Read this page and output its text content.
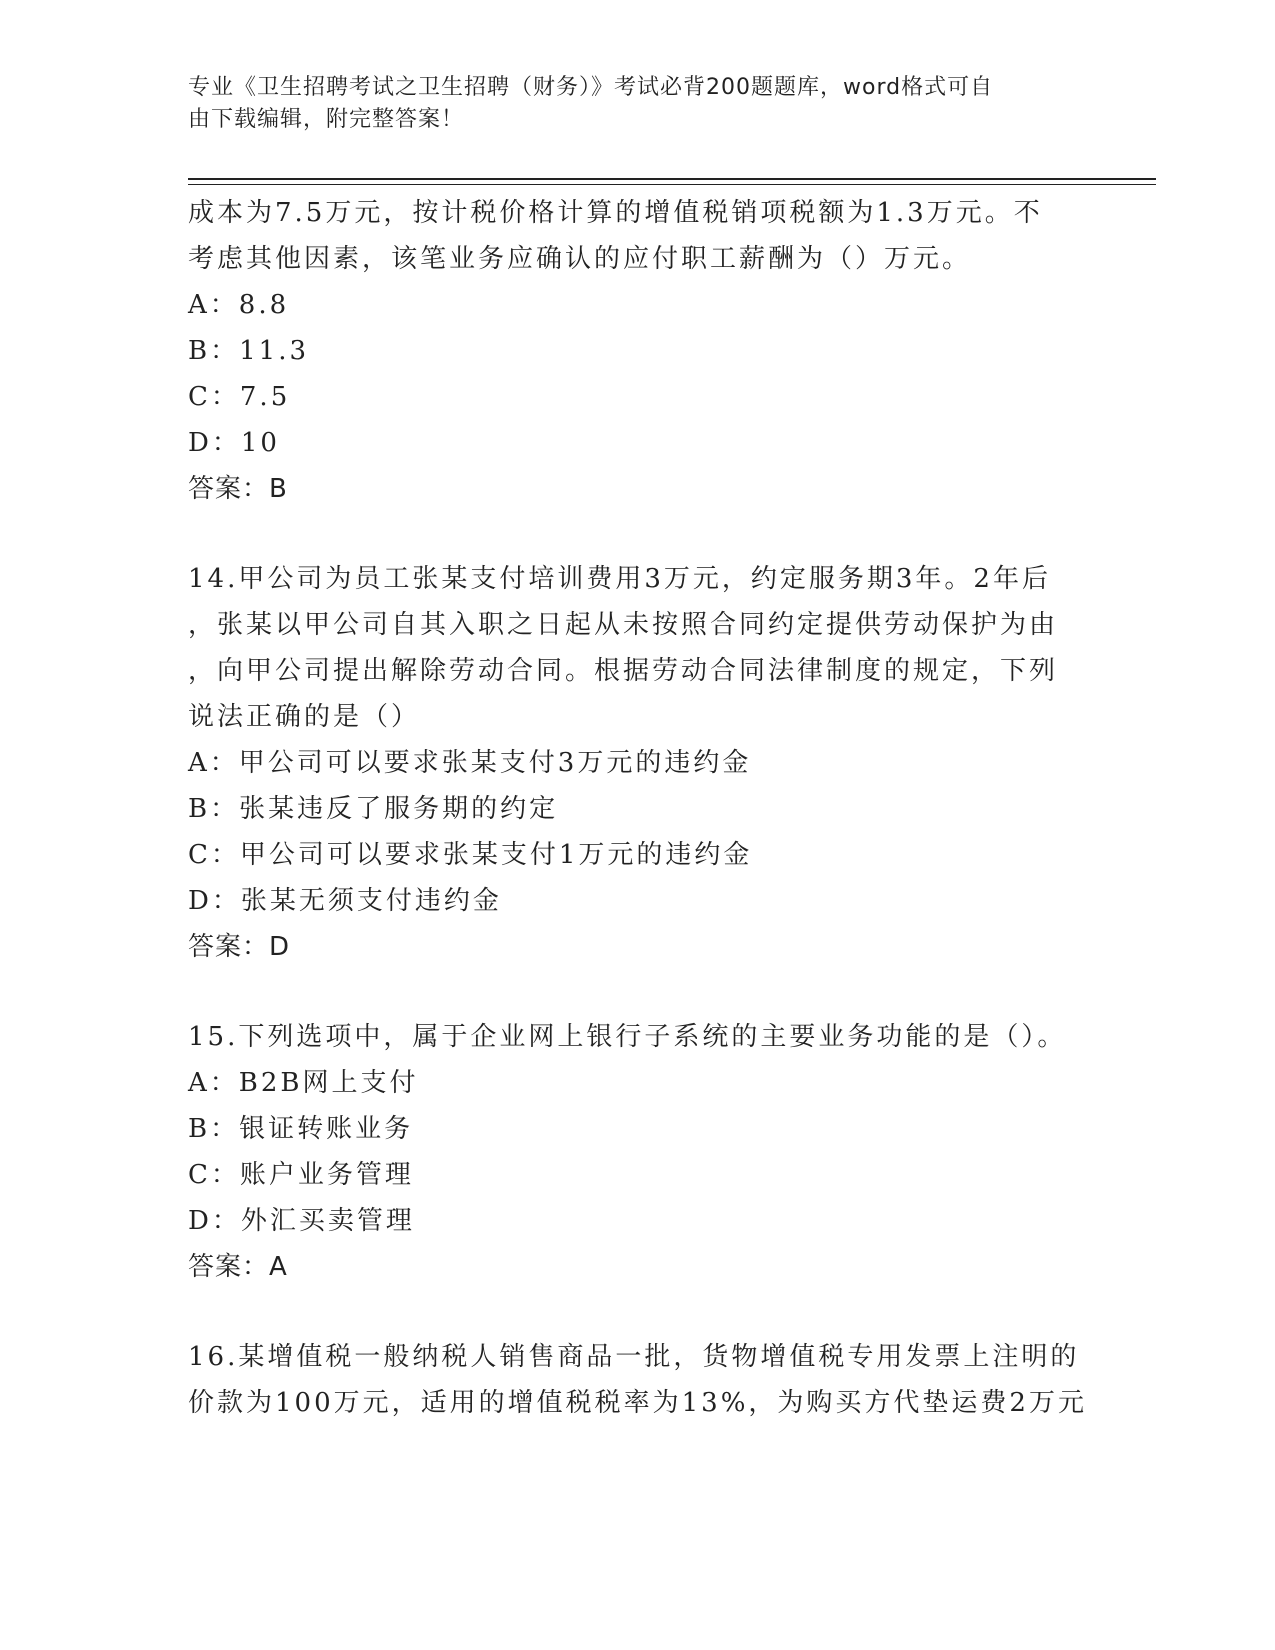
专业《卫生招聘考试之卫生招聘（财务）》考试必背200题题库，word格式可自
由下载编辑，附完整答案！
成本为7.5万元，按计税价格计算的增值税销项税额为1.3万元。不
考虑其他因素，该笔业务应确认的应付职工薪酬为（）万元。
A：8.8
B：11.3
C：7.5
D：10
答案：B
14.甲公司为员工张某支付培训费用3万元，约定服务期3年。2年后
，张某以甲公司自其入职之日起从未按照合同约定提供劳动保护为由
，向甲公司提出解除劳动合同。根据劳动合同法律制度的规定，下列
说法正确的是（）
A：甲公司可以要求张某支付3万元的违约金
B：张某违反了服务期的约定
C：甲公司可以要求张某支付1万元的违约金
D：张某无须支付违约金
答案：D
15.下列选项中，属于企业网上银行子系统的主要业务功能的是（）。
A：B2B网上支付
B：银证转账业务
C：账户业务管理
D：外汇买卖管理
答案：A
16.某增值税一般纳税人销售商品一批，货物增值税专用发票上注明的
价款为100万元，适用的增值税税率为13%，为购买方代垫运费2万元
